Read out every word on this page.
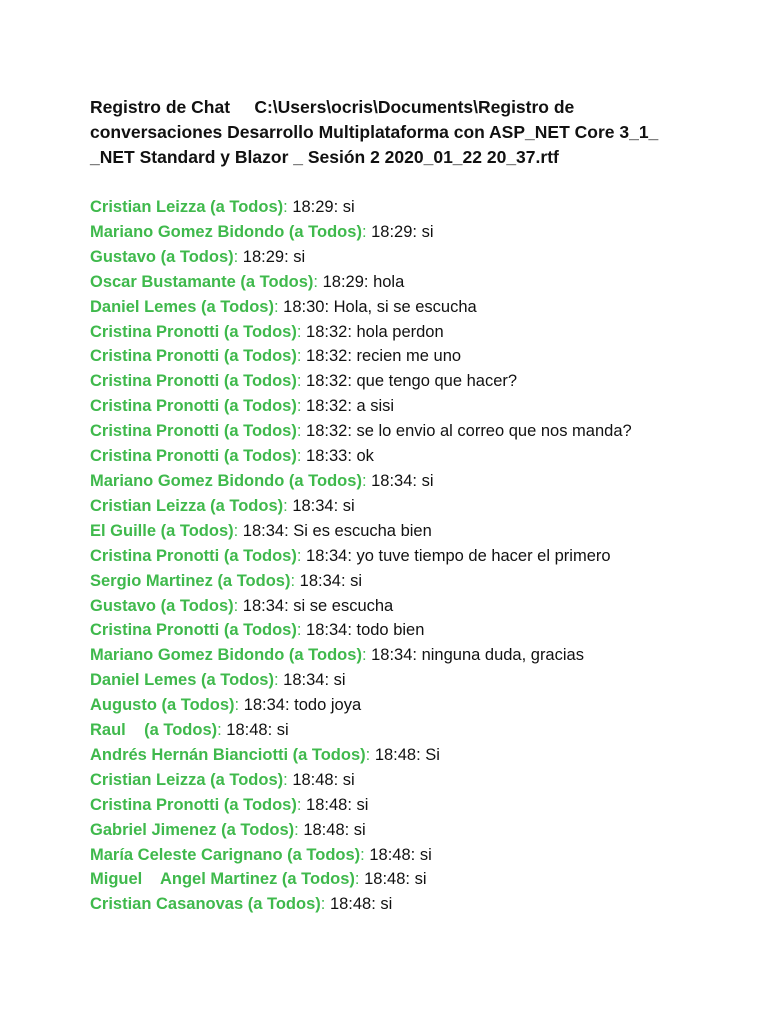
Registro de Chat     C:\Users\ocris\Documents\Registro de
conversaciones Desarrollo Multiplataforma con ASP_NET Core 3_1_
_NET Standard y Blazor _ Sesión 2 2020_01_22 20_37.rtf
Cristian Leizza (a Todos): 18:29: si
Mariano Gomez Bidondo (a Todos): 18:29: si
Gustavo (a Todos): 18:29: si
Oscar Bustamante (a Todos): 18:29: hola
Daniel Lemes (a Todos): 18:30: Hola, si se escucha
Cristina Pronotti (a Todos): 18:32: hola perdon
Cristina Pronotti (a Todos): 18:32: recien me uno
Cristina Pronotti (a Todos): 18:32: que tengo que hacer?
Cristina Pronotti (a Todos): 18:32: a sisi
Cristina Pronotti (a Todos): 18:32: se lo envio al correo que nos manda?
Cristina Pronotti (a Todos): 18:33: ok
Mariano Gomez Bidondo (a Todos): 18:34: si
Cristian Leizza (a Todos): 18:34: si
El Guille (a Todos): 18:34: Si es escucha bien
Cristina Pronotti (a Todos): 18:34: yo tuve tiempo de hacer el primero
Sergio Martinez (a Todos): 18:34: si
Gustavo (a Todos): 18:34: si se escucha
Cristina Pronotti (a Todos): 18:34: todo bien
Mariano Gomez Bidondo (a Todos): 18:34: ninguna duda, gracias
Daniel Lemes (a Todos): 18:34: si
Augusto (a Todos): 18:34: todo joya
Raul    (a Todos): 18:48: si
Andrés Hernán Bianciotti (a Todos): 18:48: Si
Cristian Leizza (a Todos): 18:48: si
Cristina Pronotti (a Todos): 18:48: si
Gabriel Jimenez (a Todos): 18:48: si
María Celeste Carignano (a Todos): 18:48: si
Miguel    Angel Martinez (a Todos): 18:48: si
Cristian Casanovas (a Todos): 18:48: si
